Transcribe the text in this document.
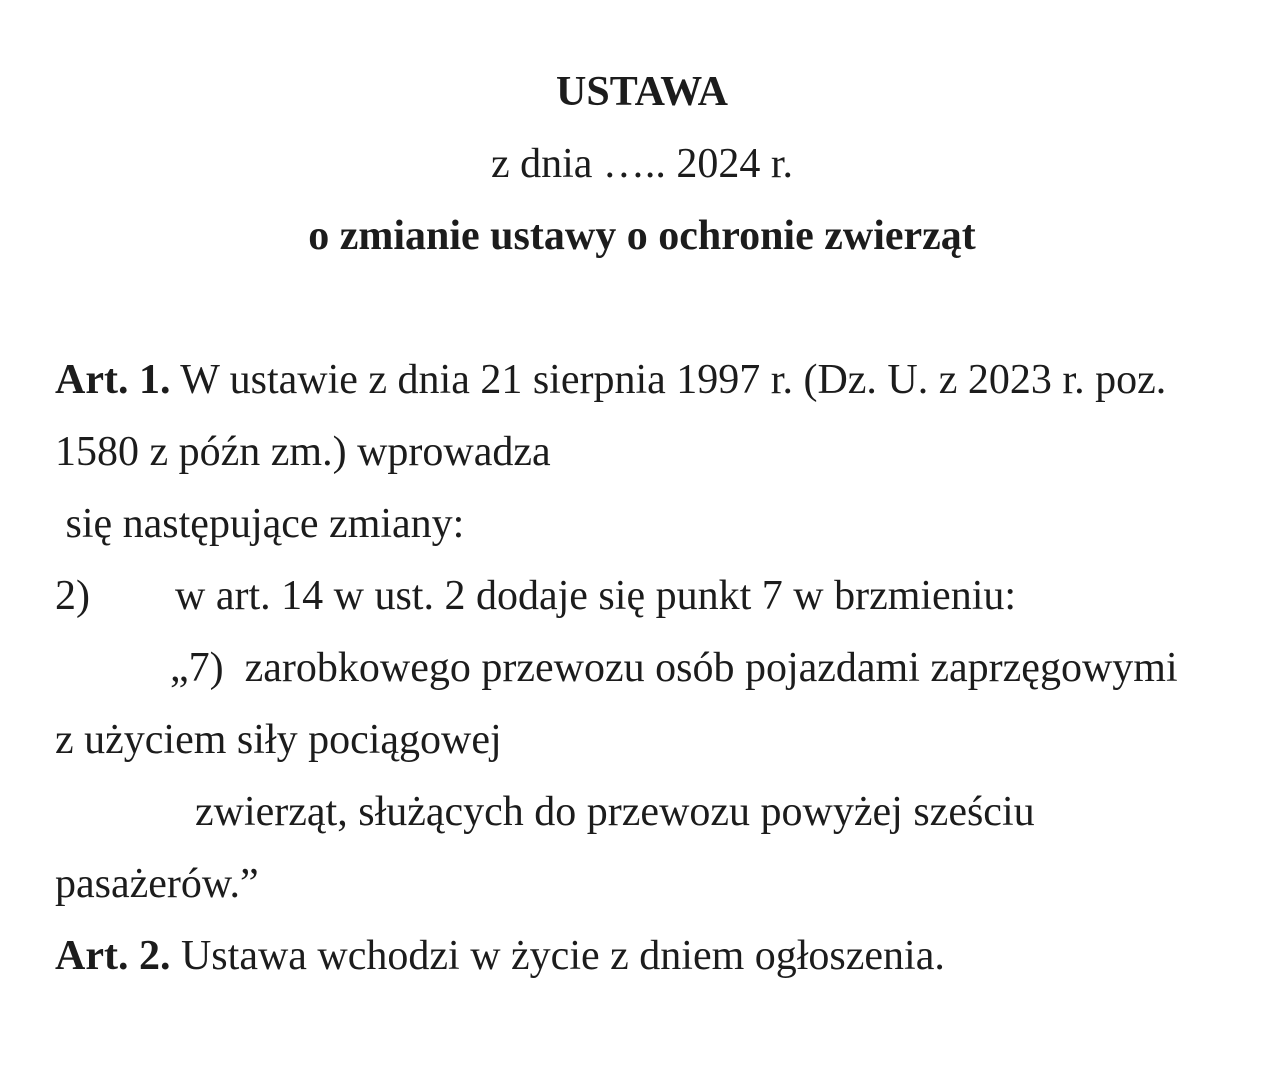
USTAWA
z dnia ….. 2024 r.
o zmianie ustawy o ochronie zwierząt
Art. 1. W ustawie z dnia 21 sierpnia 1997 r. (Dz. U. z 2023 r. poz.
1580 z późn zm.) wprowadza
się następujące zmiany:
2) w art. 14 w ust. 2 dodaje się punkt 7 w brzmieniu:
„7)  zarobkowego przewozu osób pojazdami zaprzęgowymi
z użyciem siły pociągowej
zwierząt, służących do przewozu powyżej sześciu
pasażerów.”
Art. 2. Ustawa wchodzi w życie z dniem ogłoszenia.
